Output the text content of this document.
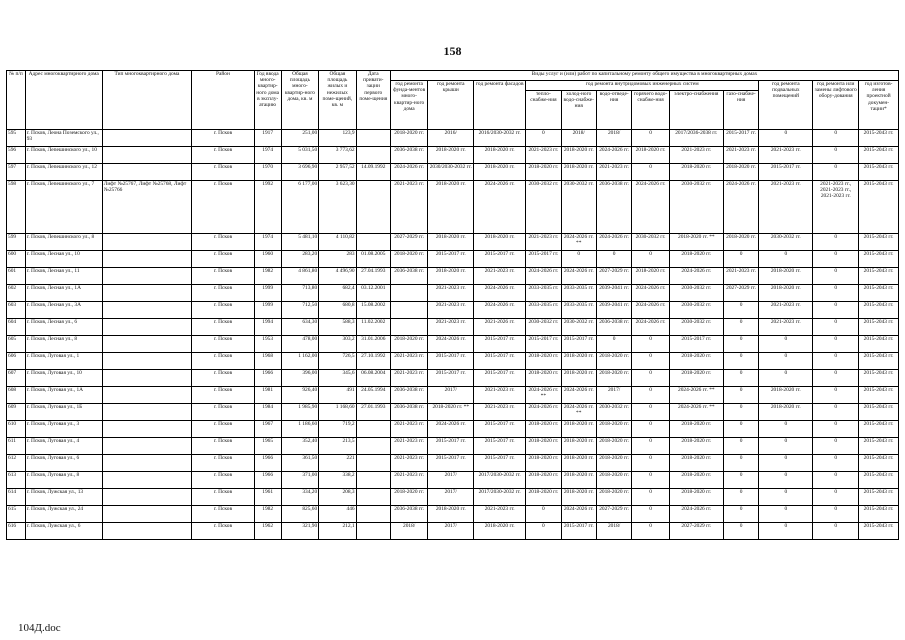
158
№ п/п	Адрес многоквартирного дома	Тип многоквартирного дома	Район	Год ввода много-квартир-ного дома в эксплу-атацию	Общая площадь много-квартир-ного дома, кв. м	Общая площадь жилых и нежилых поме-щений, кв. м	Дата привати-зации первого поме-щения	Виды услуг и (или) работ по капитальному ремонту общего имущества в многоквартирных домах											
								год ремонта фунда-ментов много-квартир-ного дома	год ремонта крыши	год ремонта фасадов	год ремонта внутридомовых инженерных систем						год ремонта подвальных помещений	год ремонта или замены лифтового обору-дования	год изготов-ления проектной докумен-тации*
											тепло-снабже-ния	холод-ного водо-снабже-ния	водо-отведе-ния	горячего водо-снабже-ния	электро-снабжения	газо-снабже-ния			
595	г. Псков, Леона Поземского ул., 93		г. Псков	1917	251,00	123,9		2018-2020 гг.	2016/	2016/2030-2032 гг.	0	2018/	2018/	0	2017/2036-2038 гг.	2015-2017 гг.	0	0	2015-2043 гг.
596	г. Псков, Лепешинского ул., 10		г. Псков	1974	5 031,50	3 773,62		2036-2038 гг.	2018-2020 гг.	2018-2020 гг.	2021-2023 гг.	2018-2020 гг.	2024-2026 гг.	2018-2020 гг.	2021-2023 гг.	2021-2023 гг.	2021-2023 гг.	0	2015-2043 гг.
597	г. Псков, Лепешинского ул., 12		г. Псков	1970	3 696,90	2 957,52	14.09.1992	2024-2026 гг.	2030/2030-2032 гг.	2018-2020 гг.	2018-2020 гг.	2018-2020 гг.	2021-2023 гг.	0	2018-2020 гг.	2018-2020 гг.	2015-2017 гг.	0	2015-2043 гг.
598	г. Псков, Лепешинского ул., 7	Лифт №25767, Лифт №25768, Лифт №25766	г. Псков	1992	6 177,00	3 623,30		2021-2023 гг.	2018-2020 гг.	2024-2026 гг.	2030-2032 гг.	2030-2032 гг.	2036-2038 гг.	2024-2026 гг.	2030-2032 гг.	2024-2026 гг.	2021-2023 гг.	2021-2023 гг., 2021-2023 гг., 2021-2023 гг.	2015-2043 гг.
599	г. Псков, Лепешинского ул., 8		г. Псков	1974	5 481,10	4 110,82		2027-2029 гг.	2018-2020 гг.	2018-2020 гг.	2021-2023 гг.	2024-2026 гг. **	2024-2026 гг.	2030-2032 гг.	2018-2020 гг. **	2018-2020 гг.	2030-2032 гг.	0	2015-2043 гг.
600	г. Псков, Лесная ул., 10		г. Псков	1960	283,20	283	01.08.2005	2018-2020 гг.	2015-2017 гг.	2015-2017 гг.	2015-2017 гг.	0	0	0	2018-2020 гг.	0	0	0	2015-2043 гг.
601	г. Псков, Лесная ул., 11		г. Псков	1982	4 861,80	4 496,90	27.04.1993	2036-2038 гг.	2018-2020 гг.	2021-2023 гг.	2024-2026 гг.	2024-2026 гг.	2027-2029 гг.	2018-2020 гг.	2024-2026 гг.	2021-2023 гг.	2018-2020 гг.	0	2015-2043 гг.
602	г. Псков, Лесная ул., 1А		г. Псков	1999	713,80	682,4	03.12.2001		2021-2023 гг.	2024-2026 гг.	2033-2035 гг.	2033-2035 гг.	2039-2041 гг.	2024-2026 гг.	2030-2032 гг.	2027-2029 гг.	2018-2020 гг.	0	2015-2043 гг.
603	г. Псков, Лесная ул., 3А		г. Псков	1999	712,50	680,8	15.08.2002		2021-2023 гг.	2024-2026 гг.	2033-2035 гг.	2033-2035 гг.	2039-2041 гг.	2024-2026 гг.	2030-2032 гг.	0	2021-2023 гг.	0	2015-2043 гг.
604	г. Псков, Лесная ул., 6		г. Псков	1994	634,30	588,3	11.02.2002		2021-2023 гг.	2021-2026 гг.	2030-2032 гг.	2030-2032 гг.	2036-2038 гг.	2024-2026 гг.	2030-2032 гг.	0	2021-2023 гг.	0	2015-2043 гг.
605	г. Псков, Лесная ул., 8		г. Псков	1953	478,00	303,2	31.01.2006	2018-2020 гг.	2024-2026 гг.	2015-2017 гг.	2015-2017 гг.	2015-2017 гг.	0	0	2015-2017 гг.	0	0	0	2015-2043 гг.
606	г. Псков, Луговая ул., 1		г. Псков	1968	1 162,00	726,5	27.10.1992	2021-2023 гг.	2015-2017 гг.	2015-2017 гг.	2018-2020 гг.	2018-2020 гг.	2018-2020 гг.	0	2018-2020 гг.	0	0	0	2015-2043 гг.
607	г. Псков, Луговая ул., 10		г. Псков	1966	396,00	345,6	06.08.2004	2021-2023 гг.	2015-2017 гг.	2015-2017 гг.	2018-2020 гг.	2018-2020 гг.	2018-2020 гг.	0	2018-2020 гг.	0	0	0	2015-2043 гг.
608	г. Псков, Луговая ул., 1А		г. Псков	1981	926,40	491	24.05.1994	2036-2038 гг.	2017/	2021-2023 гг.	2024-2026 гг. **	2024-2026 гг.	2017/	0	2024-2026 гг. **	0	2018-2020 гг.	0	2015-2043 гг.
609	г. Псков, Луговая ул., 1Б		г. Псков	1984	1 985,90	1 168,60	27.01.1993	2036-2038 гг.	2018-2020 гг. **	2021-2023 гг.	2024-2026 гг.	2024-2026 гг. **	2030-2032 гг.	0	2024-2026 гг. **	0	2018-2020 гг.	0	2015-2043 гг.
610	г. Псков, Луговая ул., 3		г. Псков	1967	1 186,60	719,2		2021-2023 гг.	2024-2026 гг.	2015-2017 гг.	2018-2020 гг.	2018-2020 гг.	2018-2020 гг.	0	2018-2020 гг.	0	0	0	2015-2043 гг.
611	г. Псков, Луговая ул., 4		г. Псков	1965	352,40	213,5		2021-2023 гг.	2015-2017 гг.	2015-2017 гг.	2018-2020 гг.	2018-2020 гг.	2018-2020 гг.	0	2018-2020 гг.	0	0	0	2015-2043 гг.
612	г. Псков, Луговая ул., 6		г. Псков	1966	361,50	221		2021-2023 гг.	2015-2017 гг.	2015-2017 гг.	2018-2020 гг.	2018-2020 гг.	2018-2020 гг.	0	2018-2020 гг.	0	0	0	2015-2043 гг.
613	г. Псков, Луговая ул., 8		г. Псков	1966	371,00	338,2		2021-2023 гг.	2017/	2017/2030-2032 гг.	2018-2020 гг.	2018-2020 гг.	2018-2020 гг.	0	2018-2020 гг.	0	0	0	2015-2043 гг.
614	г. Псков, Лужская ул., 13		г. Псков	1961	334,20	208,3		2018-2020 гг.	2017/	2017/2030-2032 гг.	2018-2020 гг.	2018-2020 гг.	2018-2020 гг.	0	2018-2020 гг.	0	0	0	2015-2043 гг.
615	г. Псков, Лужская ул., 24		г. Псков	1982	825,60	446		2036-2038 гг.	2018-2020 гг.	2021-2023 гг.	0	2024-2026 гг.	2027-2029 гг.	0	2024-2026 гг.	0	0	0	2015-2043 гг.
616	г. Псков, Лужская ул., 6		г. Псков	1962	321,90	212,1		2018/	2017/	2018-2020 гг.	0	2015-2017 гг.	2018/	0	2027-2029 гг.	0	0	0	2015-2043 гг.
104Д.doc
